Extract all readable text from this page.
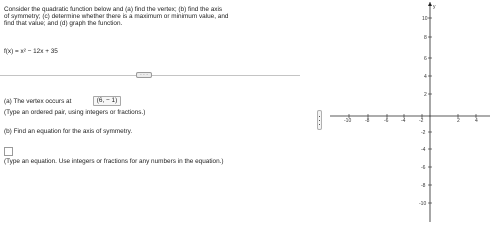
Consider the quadratic function below and (a) find the vertex; (b) find the axis
of symmetry; (c) determine whether there is a maximum or minimum value, and
find that value; and (d) graph the function.
f(x) = x² − 12x + 35
· · ·
(a) The vertex occurs at	(6, − 1)
(Type an ordered pair, using integers or fractions.)
(b) Find an equation for the axis of symmetry.
(Type an equation. Use integers or fractions for any numbers in the equation.)
y
10
8
6
4
2
-2
-4
-6
-8
-10
-10	-8	-6	-4	-2	2	4
